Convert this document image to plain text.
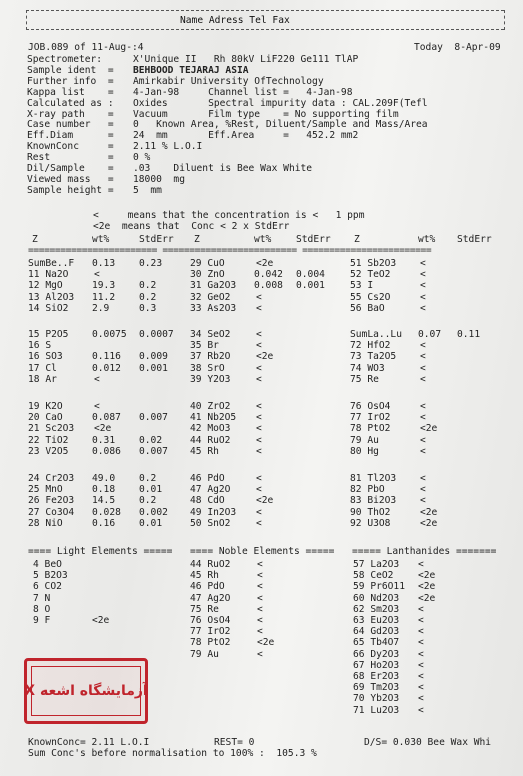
Name Adress Tel Fax
JOB.089 of 11-Aug-:4	Today  8-Apr-09
Spectrometer:	X'Unique II   Rh 80kV LiF220 Ge111 TlAP
Sample ident  = BEHBOOD TEJARAJ ASIA
Further info  = Amirkabir University OfTechnology
Kappa list    = 4-Jan-98     Channel list =   4-Jan-98
Calculated as : Oxides       Spectral impurity data : CAL.209F(Tefl
X-ray path    = Vacuum       Film type    = No supporting film
Case number   = 0   Known Area, %Rest, Diluent/Sample and Mass/Area
Eff.Diam      = 24  mm       Eff.Area     =   452.2 mm2
KnownConc     = 2.11 % L.O.I
Rest          = 0 %
Dil/Sample    = .03    Diluent is Bee Wax White
Viewed mass   = 18000  mg
Sample height = 5  mm
<     means that the concentration is <   1 ppm
<2e  means that  Conc < 2 x StdErr
Z	wt%	StdErr Z	wt%	StdErr Z	wt% StdErr
======================== ========================= ========================
SumBe..F 0.13 0.23
11 Na2O	<
12 MgO	19.3 0.2
13 Al2O3 11.2 0.2
14 SiO2 2.9	0.3
29 CuO	<2e
30 ZnO	0.042 0.004
31 Ga2O3 0.008 0.001
32 GeO2	<
33 As2O3 <
51 Sb2O3 <
52 TeO2	<
53 I	<
55 Cs2O	<
56 BaO	<
15 P2O5 0.0075 0.0007
16 S
16 SO3	0.116 0.009
17 Cl	0.012 0.001
18 Ar	<
34 SeO2	<
35 Br	<
37 Rb2O	<2e
38 SrO	<
39 Y2O3	<
SumLa..Lu 0.07 0.11
72 HfO2	<
73 Ta2O5 <
74 WO3	<
75 Re	<
19 K2O	<
20 CaO	0.087 0.007
21 Sc2O3 <2e
22 TiO2 0.31 0.02
23 V2O5 0.086 0.007
40 ZrO2	<
41 Nb2O5 <
42 MoO3	<
44 RuO2	<
45 Rh	<
76 OsO4	<
77 IrO2	<
78 PtO2	<2e
79 Au	<
80 Hg	<
24 Cr2O3 49.0 0.2
25 MnO	0.18 0.01
26 Fe2O3 14.5 0.2
27 Co3O4 0.028 0.002
28 NiO	0.16 0.01
46 PdO	<
47 Ag2O	<
48 CdO	<2e
49 In2O3 <
50 SnO2	<
81 Tl2O3 <
82 PbO	<
83 Bi2O3 <
90 ThO2	<2e
92 U3O8	<2e
==== Light Elements ===== ==== Noble Elements ===== ===== Lanthanides =======
4 BeO
5 B2O3
6 CO2
7 N
8 O
9 F	<2e
44 RuO2	<
45 Rh	<
46 PdO	<
47 Ag2O	<
75 Re	<
76 OsO4	<
77 IrO2	<
78 PtO2	<2e
79 Au	<
57 La2O3 <
58 CeO2	<2e
59 Pr6O11 <2e
60 Nd2O3 <2e
62 Sm2O3 <
63 Eu2O3 <
64 Gd2O3 <
65 Tb4O7 <
66 Dy2O3 <
67 Ho2O3 <
68 Er2O3 <
69 Tm2O3 <
70 Yb2O3 <
71 Lu2O3 <
KnownConc= 2.11 L.O.I	REST= 0	D/S= 0.030 Bee Wax Whi
Sum Conc's before normalisation to 100% :  105.3 %
آزمایشگاه اشعه X
